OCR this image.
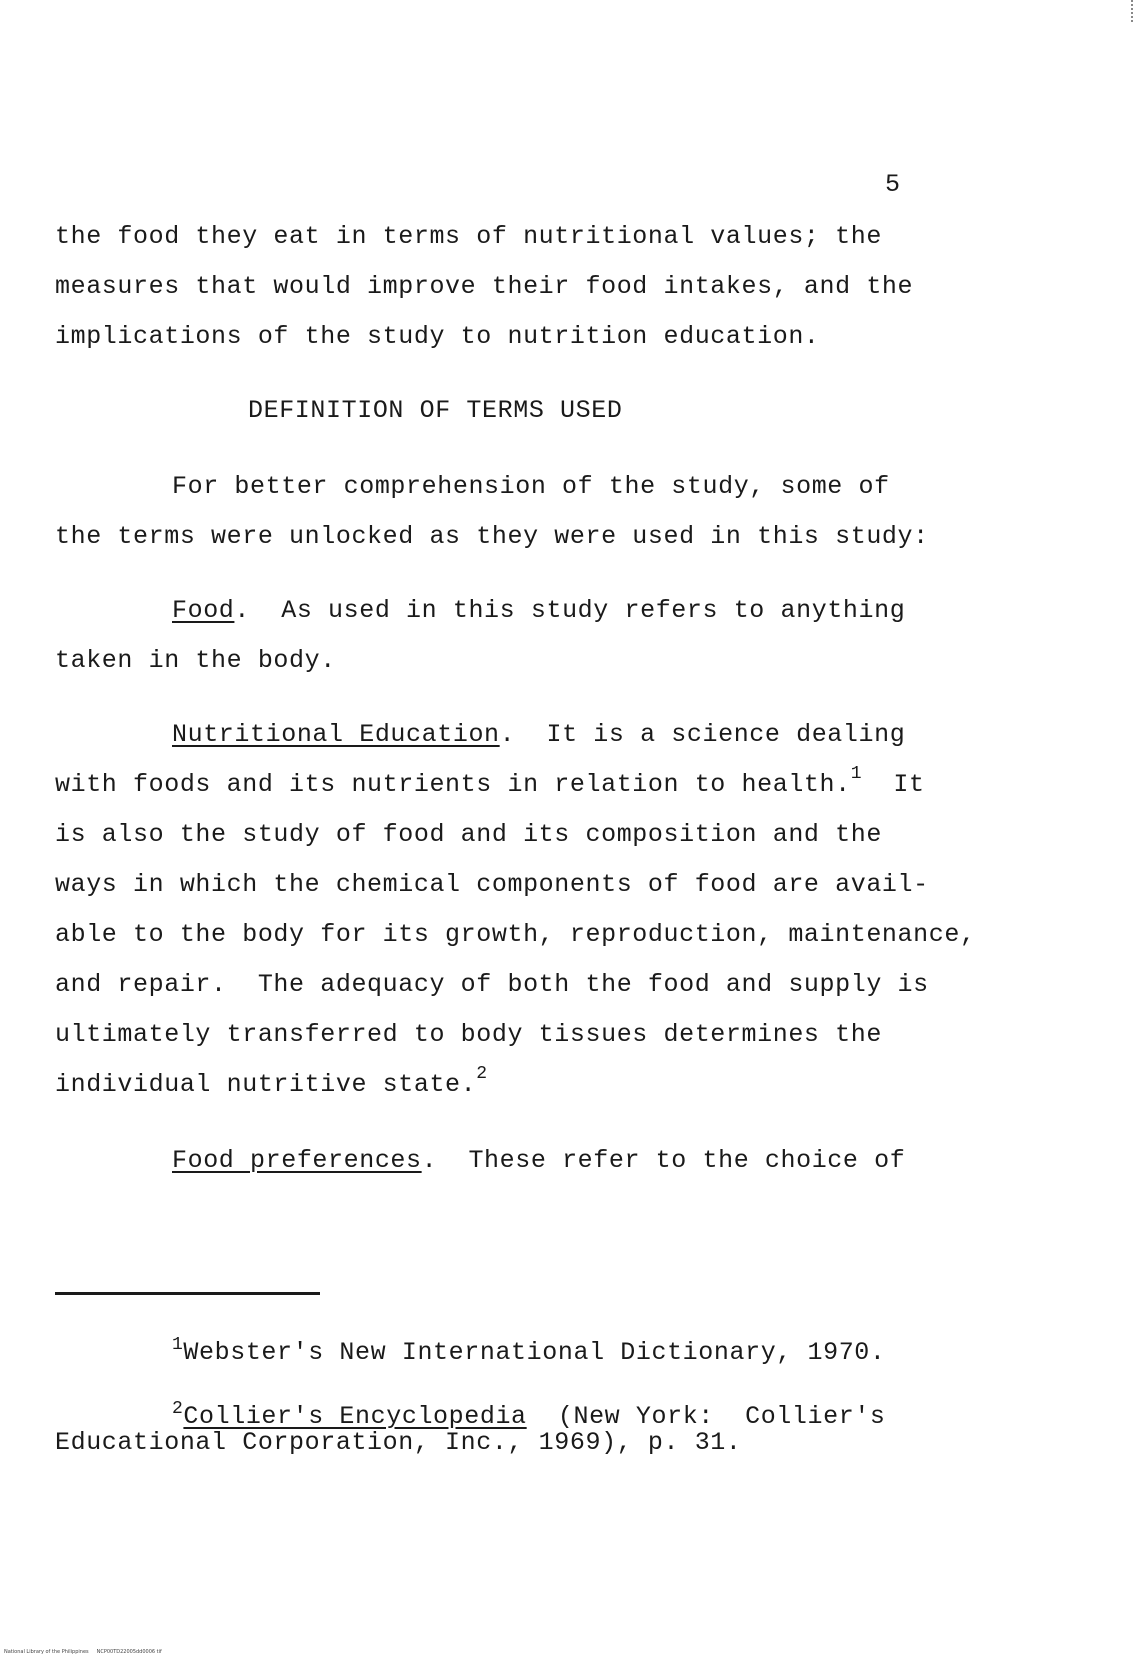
5
the food they eat in terms of nutritional values; the
measures that would improve their food intakes, and the
implications of the study to nutrition education.
DEFINITION OF TERMS USED
For better comprehension of the study, some of
the terms were unlocked as they were used in this study:
Food.  As used in this study refers to anything
taken in the body.
Nutritional Education.  It is a science dealing
with foods and its nutrients in relation to health.$^1$  It
is also the study of food and its composition and the
ways in which the chemical components of food are avail-
able to the body for its growth, reproduction, maintenance,
and repair.  The adequacy of both the food and supply is
ultimately transferred to body tissues determines the
individual nutritive state.$^2$
Food preferences.  These refer to the choice of
$^1$Webster's New International Dictionary, 1970.
$^2$Collier's Encyclopedia  (New York:  Collier's
Educational Corporation, Inc., 1969), p. 31.
National Library of the Philippines     NCP00TD22005dd0006 tif
